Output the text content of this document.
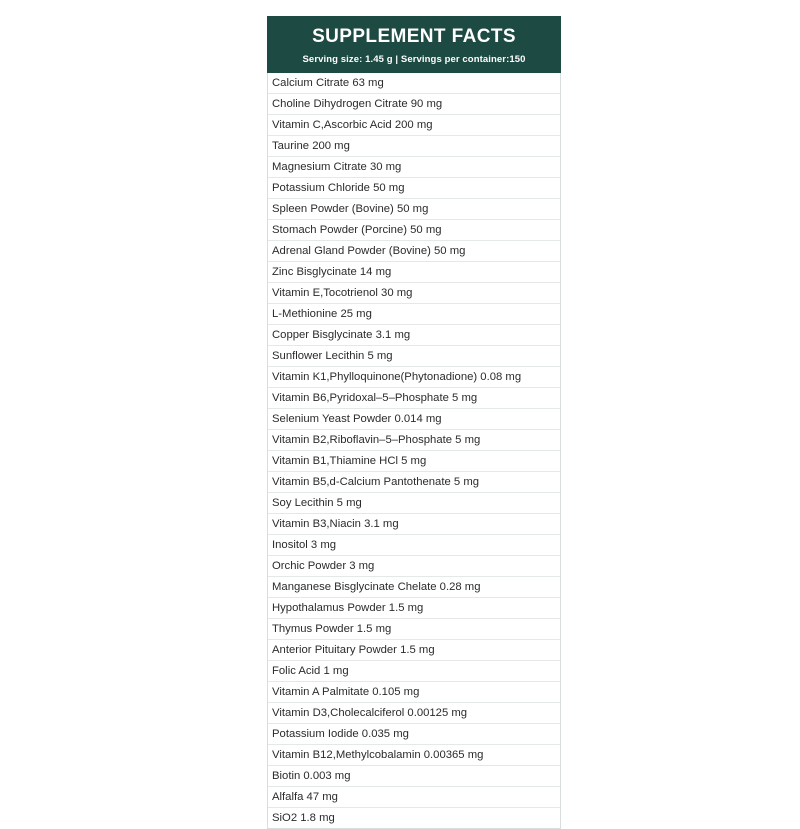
SUPPLEMENT FACTS
Serving size: 1.45 g | Servings per container:150
Calcium Citrate 63 mg
Choline Dihydrogen Citrate 90 mg
Vitamin C,Ascorbic Acid 200 mg
Taurine 200 mg
Magnesium Citrate 30 mg
Potassium Chloride 50 mg
Spleen Powder (Bovine) 50 mg
Stomach Powder (Porcine) 50 mg
Adrenal Gland Powder (Bovine) 50 mg
Zinc Bisglycinate 14 mg
Vitamin E,Tocotrienol 30 mg
L-Methionine 25 mg
Copper Bisglycinate 3.1 mg
Sunflower Lecithin 5 mg
Vitamin K1,Phylloquinone(Phytonadione) 0.08 mg
Vitamin B6,Pyridoxal–5–Phosphate 5 mg
Selenium Yeast Powder 0.014 mg
Vitamin B2,Riboflavin–5–Phosphate 5 mg
Vitamin B1,Thiamine HCl 5 mg
Vitamin B5,d-Calcium Pantothenate 5 mg
Soy Lecithin 5 mg
Vitamin B3,Niacin 3.1 mg
Inositol 3 mg
Orchic Powder 3 mg
Manganese Bisglycinate Chelate 0.28 mg
Hypothalamus Powder 1.5 mg
Thymus Powder 1.5 mg
Anterior Pituitary Powder 1.5 mg
Folic Acid 1 mg
Vitamin A Palmitate 0.105 mg
Vitamin D3,Cholecalciferol 0.00125 mg
Potassium Iodide 0.035 mg
Vitamin B12,Methylcobalamin 0.00365 mg
Biotin 0.003 mg
Alfalfa 47 mg
SiO2 1.8 mg
